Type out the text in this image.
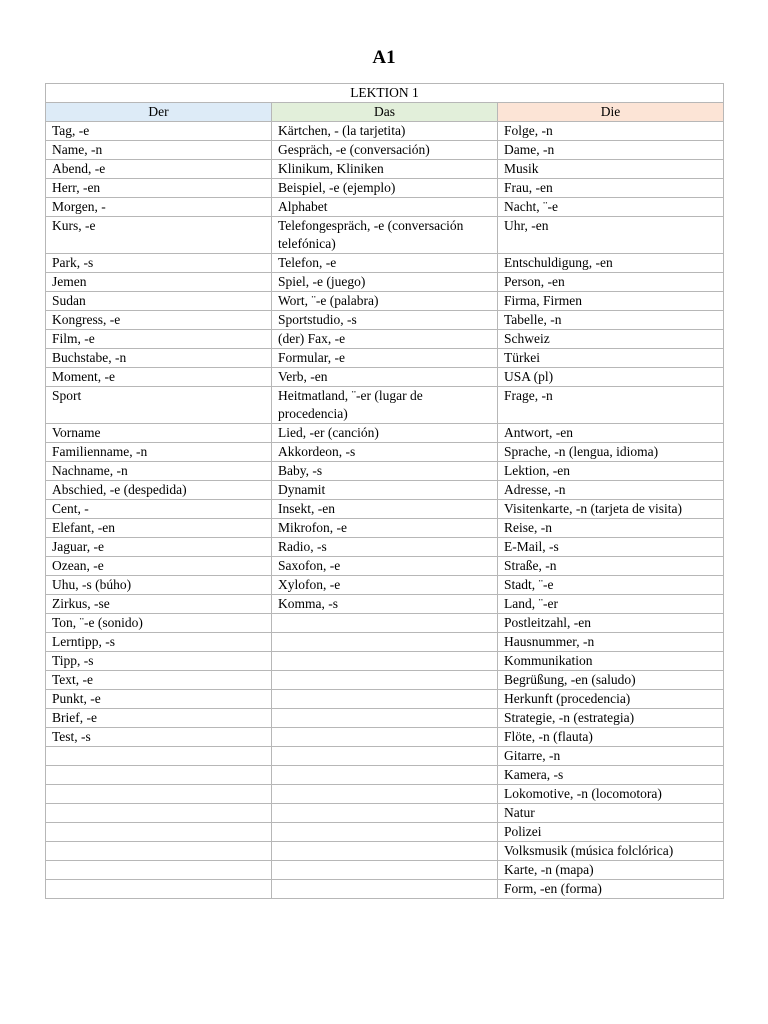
A1
LEKTION 1		
Der	Das	Die
Tag, -e	Kärtchen, - (la tarjetita)	Folge, -n
Name, -n	Gespräch, -e (conversación)	Dame, -n
Abend, -e	Klinikum, Kliniken	Musik
Herr, -en	Beispiel, -e (ejemplo)	Frau, -en
Morgen, -	Alphabet	Nacht, ¨-e
Kurs, -e	Telefongespräch, -e (conversación telefónica)	Uhr, -en
Park, -s	Telefon, -e	Entschuldigung, -en
Jemen	Spiel, -e (juego)	Person, -en
Sudan	Wort, ¨-e (palabra)	Firma, Firmen
Kongress, -e	Sportstudio, -s	Tabelle, -n
Film, -e	(der) Fax, -e	Schweiz
Buchstabe, -n	Formular, -e	Türkei
Moment, -e	Verb, -en	USA (pl)
Sport	Heitmatland, ¨-er (lugar de procedencia)	Frage, -n
Vorname	Lied, -er (canción)	Antwort, -en
Familienname, -n	Akkordeon, -s	Sprache, -n (lengua, idioma)
Nachname, -n	Baby, -s	Lektion, -en
Abschied, -e (despedida)	Dynamit	Adresse, -n
Cent, -	Insekt, -en	Visitenkarte, -n (tarjeta de visita)
Elefant, -en	Mikrofon, -e	Reise, -n
Jaguar, -e	Radio, -s	E-Mail, -s
Ozean, -e	Saxofon, -e	Straße, -n
Uhu, -s (búho)	Xylofon, -e	Stadt, ¨-e
Zirkus, -se	Komma, -s	Land, ¨-er
Ton, ¨-e (sonido)		Postleitzahl, -en
Lerntipp, -s		Hausnummer, -n
Tipp, -s		Kommunikation
Text, -e		Begrüßung, -en (saludo)
Punkt, -e		Herkunft (procedencia)
Brief, -e		Strategie, -n (estrategia)
Test, -s		Flöte, -n (flauta)
		Gitarre, -n
		Kamera, -s
		Lokomotive, -n (locomotora)
		Natur
		Polizei
		Volksmusik (música folclórica)
		Karte, -n (mapa)
		Form, -en (forma)
